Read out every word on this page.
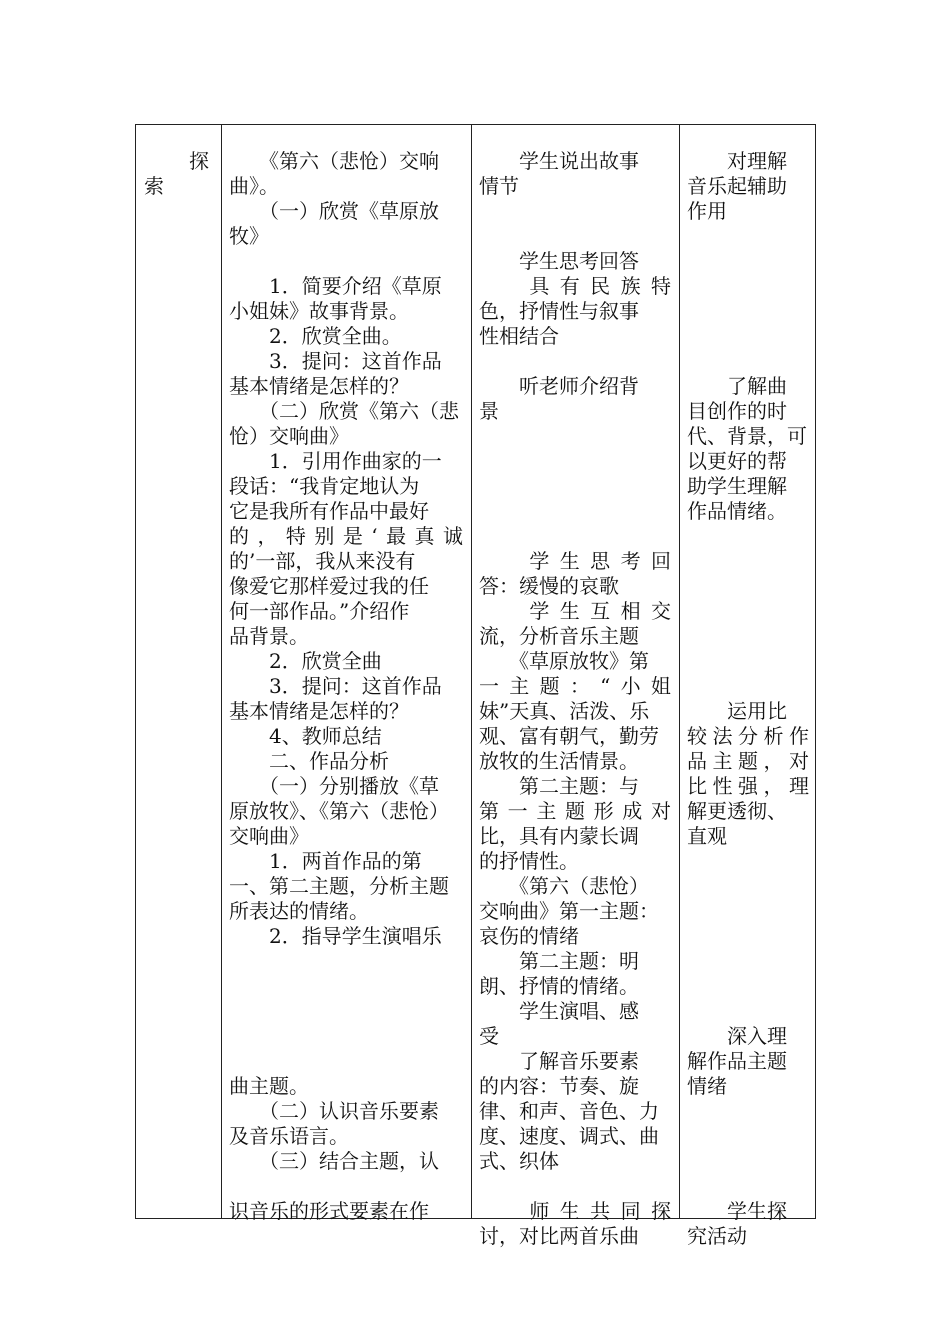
探
索
　　《第六（悲怆）交响
曲》。
　　（一）欣赏《草原放
牧》
　　1．简要介绍《草原
小姐妹》故事背景。
　　2．欣赏全曲。
　　3．提问：这首作品
基本情绪是怎样的？
　　（二）欣赏《第六（悲
怆）交响曲》
　　1．引用作曲家的一
段话：“我肯定地认为
它是我所有作品中最好
的 ， 特 别 是 ‘ 最 真 诚
的’一部，我从来没有
像爱它那样爱过我的任
何一部作品。”介绍作
品背景。
　　2．欣赏全曲
　　3．提问：这首作品
基本情绪是怎样的？
　　4、教师总结
　　二、作品分析
　　（一）分别播放《草
原放牧》、《第六（悲怆）
交响曲》
　　1．两首作品的第
一、第二主题，分析主题
所表达的情绪。
　　2．指导学生演唱乐
曲主题。
　　（二）认识音乐要素
及音乐语言。
　　（三）结合主题，认
识音乐的形式要素在作
　　学生说出故事
情节
　　学生思考回答

具 有 民 族 特
色，抒情性与叙事
性相结合
　　听老师介绍背
景

学 生 思 考 回
答：缓慢的哀歌

学 生 互 相 交
流，分析音乐主题
　　《草原放牧》第
一 主 题 ： “ 小 姐
妹”天真、活泼、乐
观、富有朝气，勤劳
放牧的生活情景。
　　第二主题：与
第 一 主 题 形 成 对
比，具有内蒙长调
的抒情性。
　　《第六（悲怆）
交响曲》第一主题：
哀伤的情绪
　　第二主题：明
朗、抒情的情绪。
　　学生演唱、感
受
　　了解音乐要素
的内容：节奏、旋
律、和声、音色、力
度、速度、调式、曲
式、织体

师 生 共 同 探
讨，对比两首乐曲
　　对理解
音乐起辅助
作用
　　了解曲
目创作的时
代、背景，可
以更好的帮
助学生理解
作品情绪。
　　运用比
较 法 分 析 作
品 主 题 ， 对
比 性 强 ， 理
解更透彻、
直观
　　深入理
解作品主题
情绪
　　学生探
究活动
